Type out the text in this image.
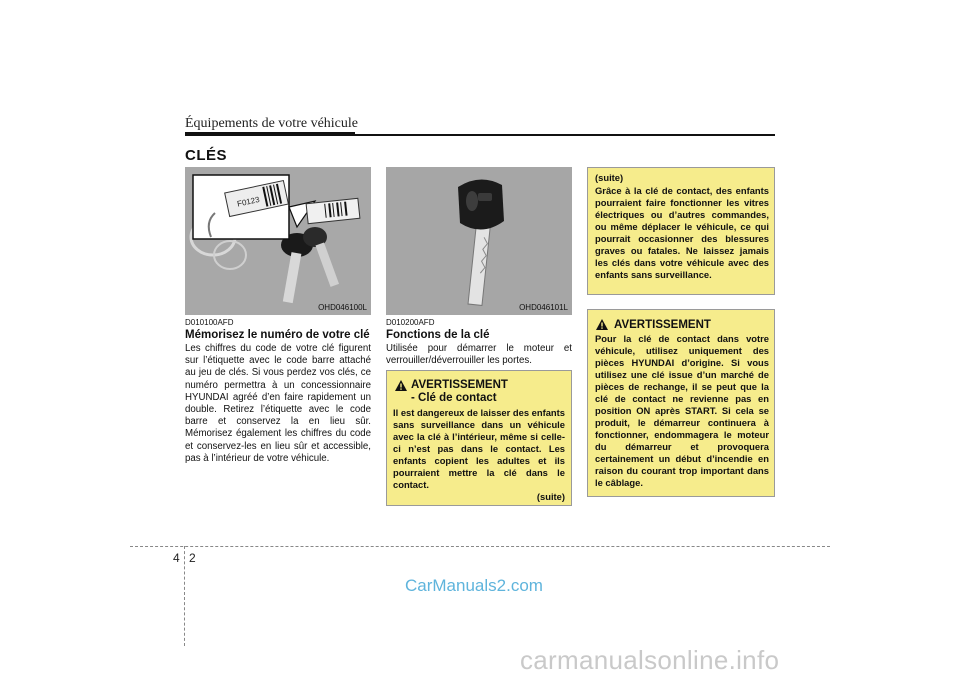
Équipements de votre véhicule
CLÉS
F0123
OHD046100L
D010100AFD
Mémorisez le numéro de votre clé
Les chiffres du code de votre clé figurent sur l’étiquette avec le code barre attaché au jeu de clés. Si vous perdez vos clés, ce numéro permettra à un concessionnaire HYUNDAI agréé d’en faire rapidement un double. Retirez l’étiquette avec le code barre et conservez la en lieu sûr. Mémorisez également les chiffres du code et conservez-les en lieu sûr et accessible, pas à l’intérieur de votre véhicule.
OHD046101L
D010200AFD
Fonctions de la clé
Utilisée pour démarrer le moteur et verrouiller/déverrouiller les portes.
AVERTISSEMENT
- Clé de contact
Il est dangereux de laisser des enfants sans surveillance dans un véhicule avec la clé à l’intérieur, même si celle-ci n’est pas dans le contact. Les enfants copient les adultes et ils pourraient mettre la clé dans le contact.
(suite)
(suite)
Grâce à la clé de contact, des enfants pourraient faire fonctionner les vitres électriques ou d’autres commandes, ou même déplacer le véhicule, ce qui pourrait occasionner des blessures graves ou fatales. Ne laissez jamais les clés dans votre véhicule avec des enfants sans surveillance.
AVERTISSEMENT
Pour la clé de contact dans votre véhicule, utilisez uniquement des pièces HYUNDAI d’origine. Si vous utilisez une clé issue d’un marché de pièces de rechange, il se peut que la clé de contact ne revienne pas en position ON après START. Si cela se produit, le démarreur continuera à fonctionner, endommagera le moteur du démarreur et provoquera certainement un début d’incendie en raison du courant trop important dans le câblage.
4 2
CarManuals2.com
carmanualsonline.info
